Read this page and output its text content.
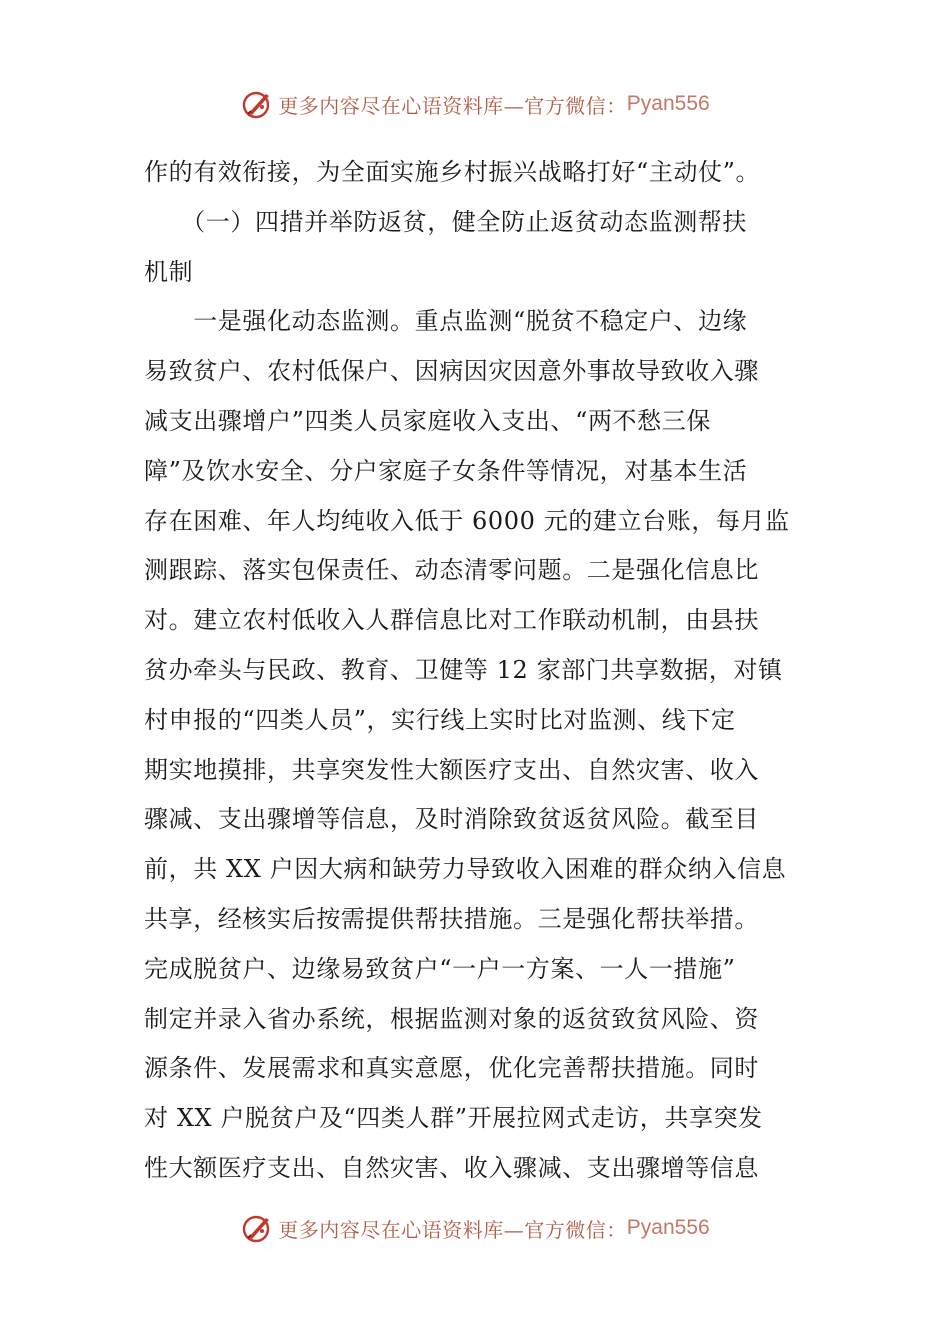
更多内容尽在心语资料库—官方微信： Pyan556
作的有效衔接，为全面实施乡村振兴战略打好“主动仗”。
　　（一）四措并举防返贫，健全防止返贫动态监测帮扶
机制
　　一是强化动态监测。重点监测“脱贫不稳定户、边缘
易致贫户、农村低保户、因病因灾因意外事故导致收入骤
减支出骤增户”四类人员家庭收入支出、“两不愁三保
障”及饮水安全、分户家庭子女条件等情况，对基本生活
存在困难、年人均纯收入低于 6000 元的建立台账，每月监
测跟踪、落实包保责任、动态清零问题。二是强化信息比
对。建立农村低收入人群信息比对工作联动机制，由县扶
贫办牵头与民政、教育、卫健等 12 家部门共享数据，对镇
村申报的“四类人员”，实行线上实时比对监测、线下定
期实地摸排，共享突发性大额医疗支出、自然灾害、收入
骤减、支出骤增等信息，及时消除致贫返贫风险。截至目
前，共 XX 户因大病和缺劳力导致收入困难的群众纳入信息
共享，经核实后按需提供帮扶措施。三是强化帮扶举措。
完成脱贫户、边缘易致贫户“一户一方案、一人一措施”
制定并录入省办系统，根据监测对象的返贫致贫风险、资
源条件、发展需求和真实意愿，优化完善帮扶措施。同时
对 XX 户脱贫户及“四类人群”开展拉网式走访，共享突发
性大额医疗支出、自然灾害、收入骤减、支出骤增等信息
更多内容尽在心语资料库—官方微信： Pyan556
